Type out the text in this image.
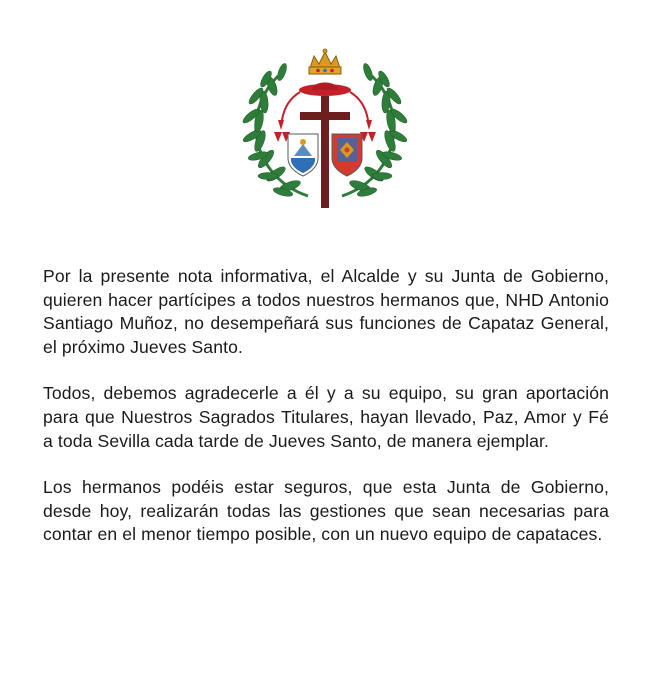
Por la presente nota informativa, el Alcalde y su Junta de Gobierno, quieren hacer partícipes a todos nuestros hermanos que, NHD Antonio Santiago Muñoz, no desempeñará sus funciones de Capataz General, el próximo Jueves Santo.

Todos, debemos agradecerle a él y a su equipo, su gran aportación para que Nuestros Sagrados Titulares, hayan llevado, Paz, Amor y Fé a toda Sevilla cada tarde de Jueves Santo, de manera ejemplar.

Los hermanos podéis estar seguros, que esta Junta de Gobierno, desde hoy, realizarán todas las gestiones que sean necesarias para contar en el menor tiempo posible, con un nuevo equipo de capataces.
